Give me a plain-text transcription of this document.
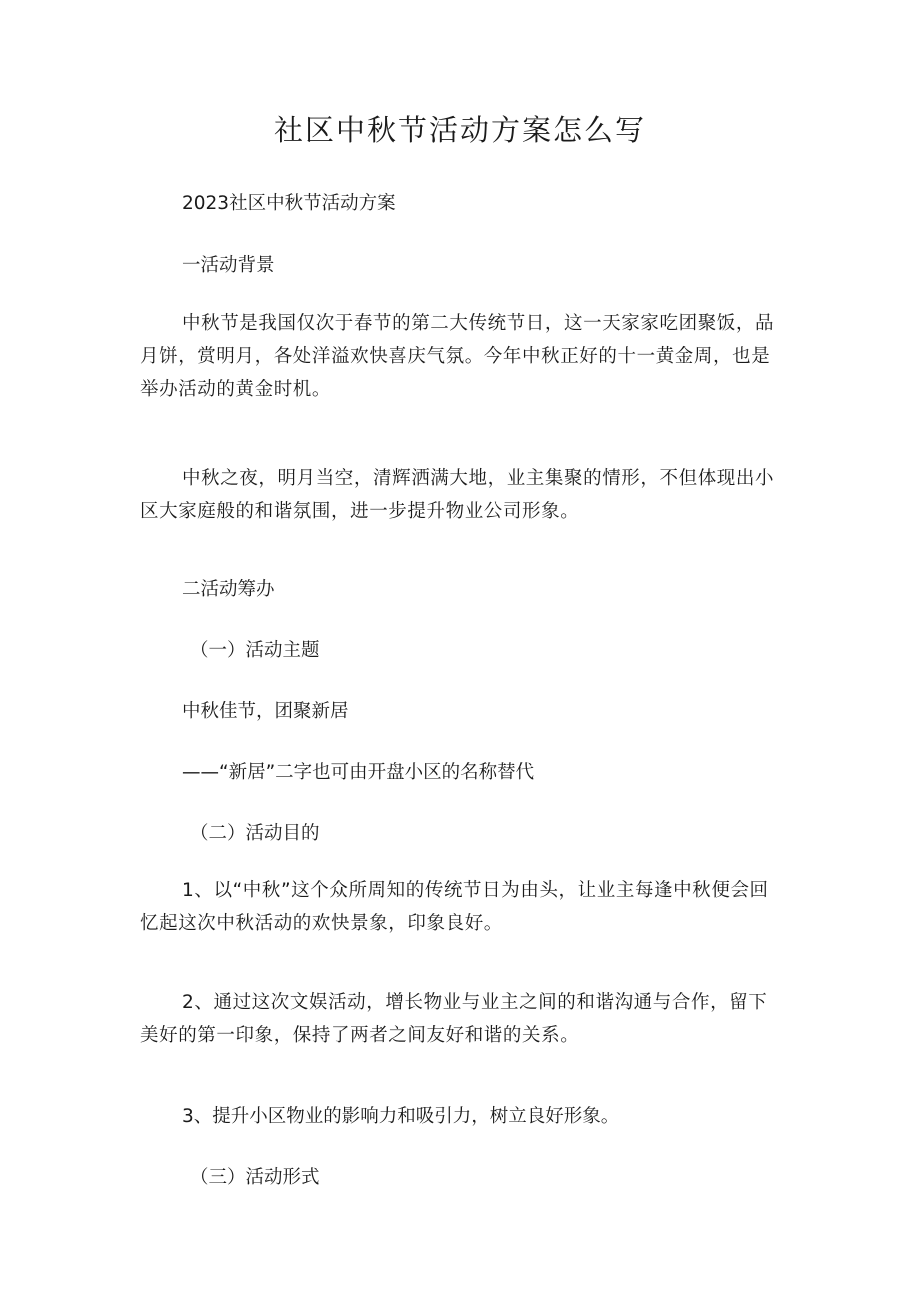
社区中秋节活动方案怎么写

2023社区中秋节活动方案

一活动背景

中秋节是我国仅次于春节的第二大传统节日，这一天家家吃团聚饭，品月饼，赏明月，各处洋溢欢快喜庆气氛。今年中秋正好的十一黄金周，也是举办活动的黄金时机。

中秋之夜，明月当空，清辉洒满大地，业主集聚的情形，不但体现出小区大家庭般的和谐氛围，进一步提升物业公司形象。

二活动筹办

（一）活动主题

中秋佳节，团聚新居

——“新居”二字也可由开盘小区的名称替代

（二）活动目的

1、以“中秋”这个众所周知的传统节日为由头，让业主每逢中秋便会回忆起这次中秋活动的欢快景象，印象良好。

2、通过这次文娱活动，增长物业与业主之间的和谐沟通与合作，留下美好的第一印象，保持了两者之间友好和谐的关系。

3、提升小区物业的影响力和吸引力，树立良好形象。

（三）活动形式
